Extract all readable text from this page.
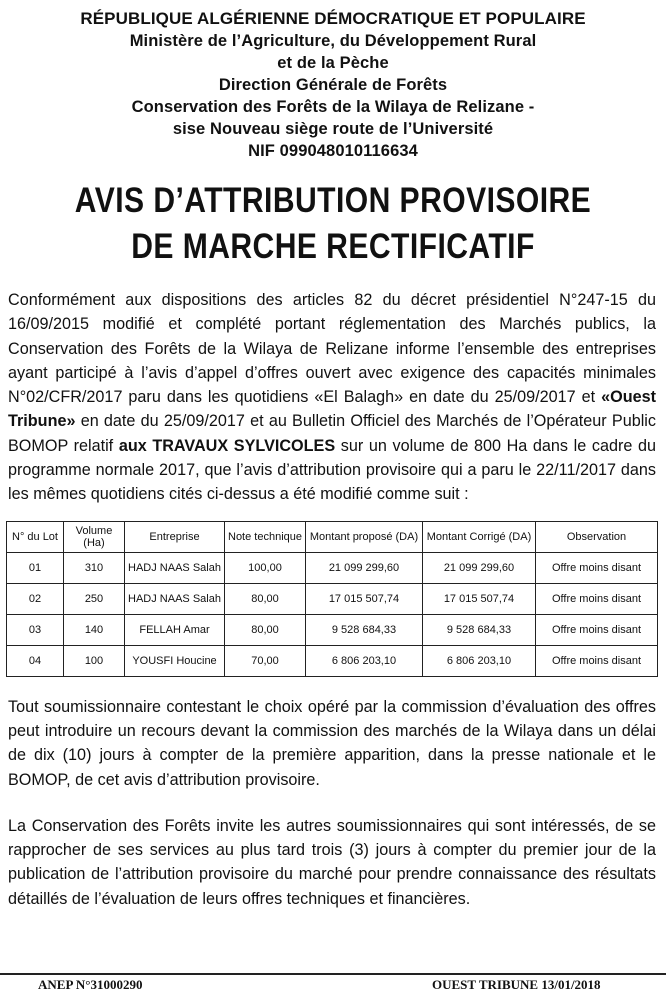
RÉPUBLIQUE ALGÉRIENNE DÉMOCRATIQUE ET POPULAIRE
Ministère de l’Agriculture, du Développement Rural
et de la Pèche
Direction Générale de Forêts
Conservation des Forêts de la Wilaya de Relizane -
sise Nouveau siège route de l’Université
NIF 099048010116634
AVIS D’ATTRIBUTION PROVISOIRE
DE MARCHE RECTIFICATIF

Conformément aux dispositions des articles 82 du décret présidentiel N°247-15 du 16/09/2015 modifié et complété portant réglementation des Marchés publics, la Conservation des Forêts de la Wilaya de Relizane informe l’ensemble des entreprises ayant participé à l’avis d’appel d’offres ouvert avec exigence des capacités minimales N°02/CFR/2017 paru dans les quotidiens «El Balagh» en date du 25/09/2017 et «Ouest Tribune» en date du 25/09/2017 et au Bulletin Officiel des Marchés de l’Opérateur Public BOMOP relatif aux TRAVAUX SYLVICOLES sur un volume de 800 Ha dans le cadre du programme normale 2017, que l’avis d’attribution provisoire qui a paru le 22/11/2017 dans les mêmes quotidiens cités ci-dessus a été modifié comme suit :

N° du Lot	Volume (Ha)	Entreprise	Note technique	Montant proposé (DA)	Montant Corrigé (DA)	Observation
01	310	HADJ NAAS Salah	100,00	21 099 299,60	21 099 299,60	Offre moins disant
02	250	HADJ NAAS Salah	80,00	17 015 507,74	17 015 507,74	Offre moins disant
03	140	FELLAH Amar	80,00	9 528 684,33	9 528 684,33	Offre moins disant
04	100	YOUSFI Houcine	70,00	6 806 203,10	6 806 203,10	Offre moins disant

Tout soumissionnaire contestant le choix opéré par la commission d’évaluation des offres peut introduire un recours devant la commission des marchés de la Wilaya dans un délai de dix (10) jours à compter de la première apparition, dans la presse nationale et le BOMOP, de cet avis d’attribution provisoire.

La Conservation des Forêts invite les autres soumissionnaires qui sont intéressés, de se rapprocher de ses services au plus tard trois (3) jours à compter du premier jour de la publication de l’attribution provisoire du marché pour prendre connaissance des résultats détaillés de l’évaluation de leurs offres techniques et financières.

ANEP N°31000290	OUEST TRIBUNE 13/01/2018
